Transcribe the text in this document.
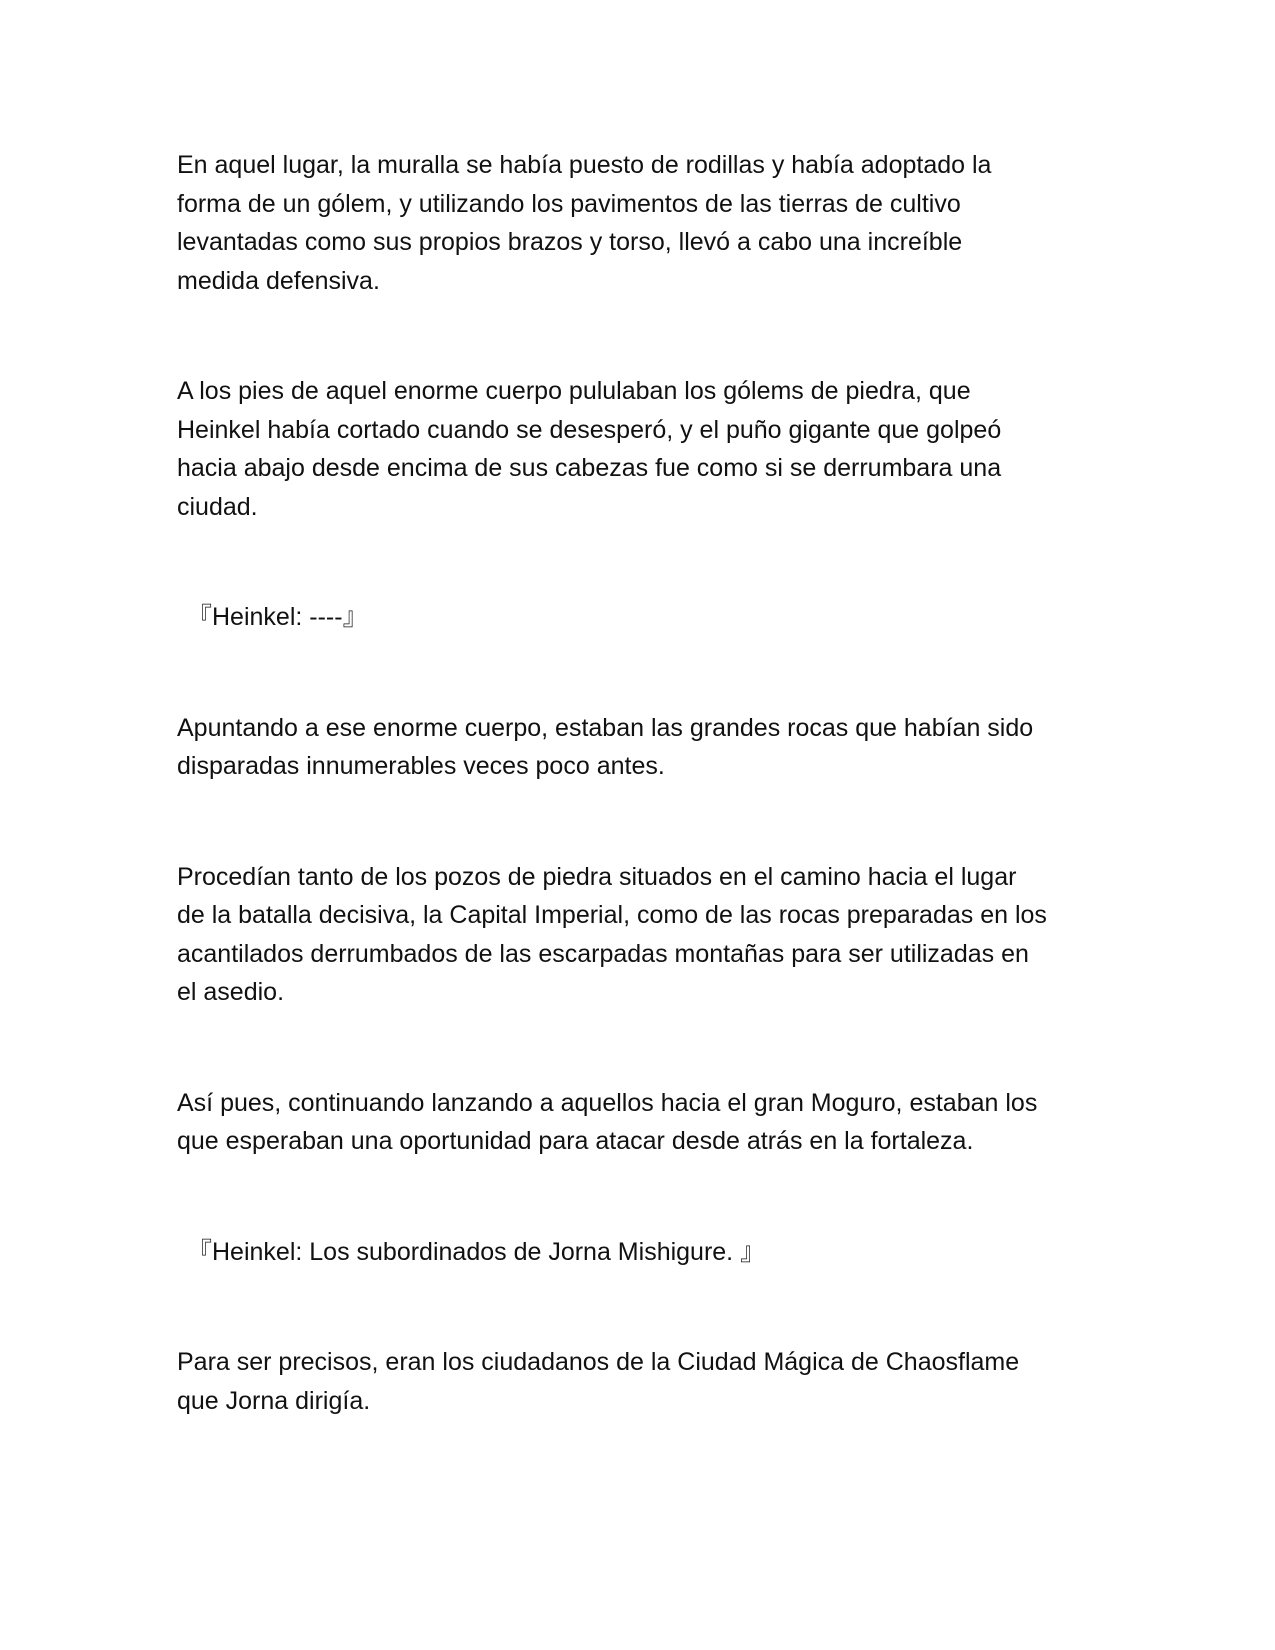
En aquel lugar, la muralla se había puesto de rodillas y había adoptado la
forma de un gólem, y utilizando los pavimentos de las tierras de cultivo
levantadas como sus propios brazos y torso, llevó a cabo una increíble
medida defensiva.

A los pies de aquel enorme cuerpo pululaban los gólems de piedra, que
Heinkel había cortado cuando se desesperó, y el puño gigante que golpeó
hacia abajo desde encima de sus cabezas fue como si se derrumbara una
ciudad.

『Heinkel: ----』

Apuntando a ese enorme cuerpo, estaban las grandes rocas que habían sido
disparadas innumerables veces poco antes.

Procedían tanto de los pozos de piedra situados en el camino hacia el lugar
de la batalla decisiva, la Capital Imperial, como de las rocas preparadas en los
acantilados derrumbados de las escarpadas montañas para ser utilizadas en
el asedio.

Así pues, continuando lanzando a aquellos hacia el gran Moguro, estaban los
que esperaban una oportunidad para atacar desde atrás en la fortaleza.

『Heinkel: Los subordinados de Jorna Mishigure. 』

Para ser precisos, eran los ciudadanos de la Ciudad Mágica de Chaosflame
que Jorna dirigía.
